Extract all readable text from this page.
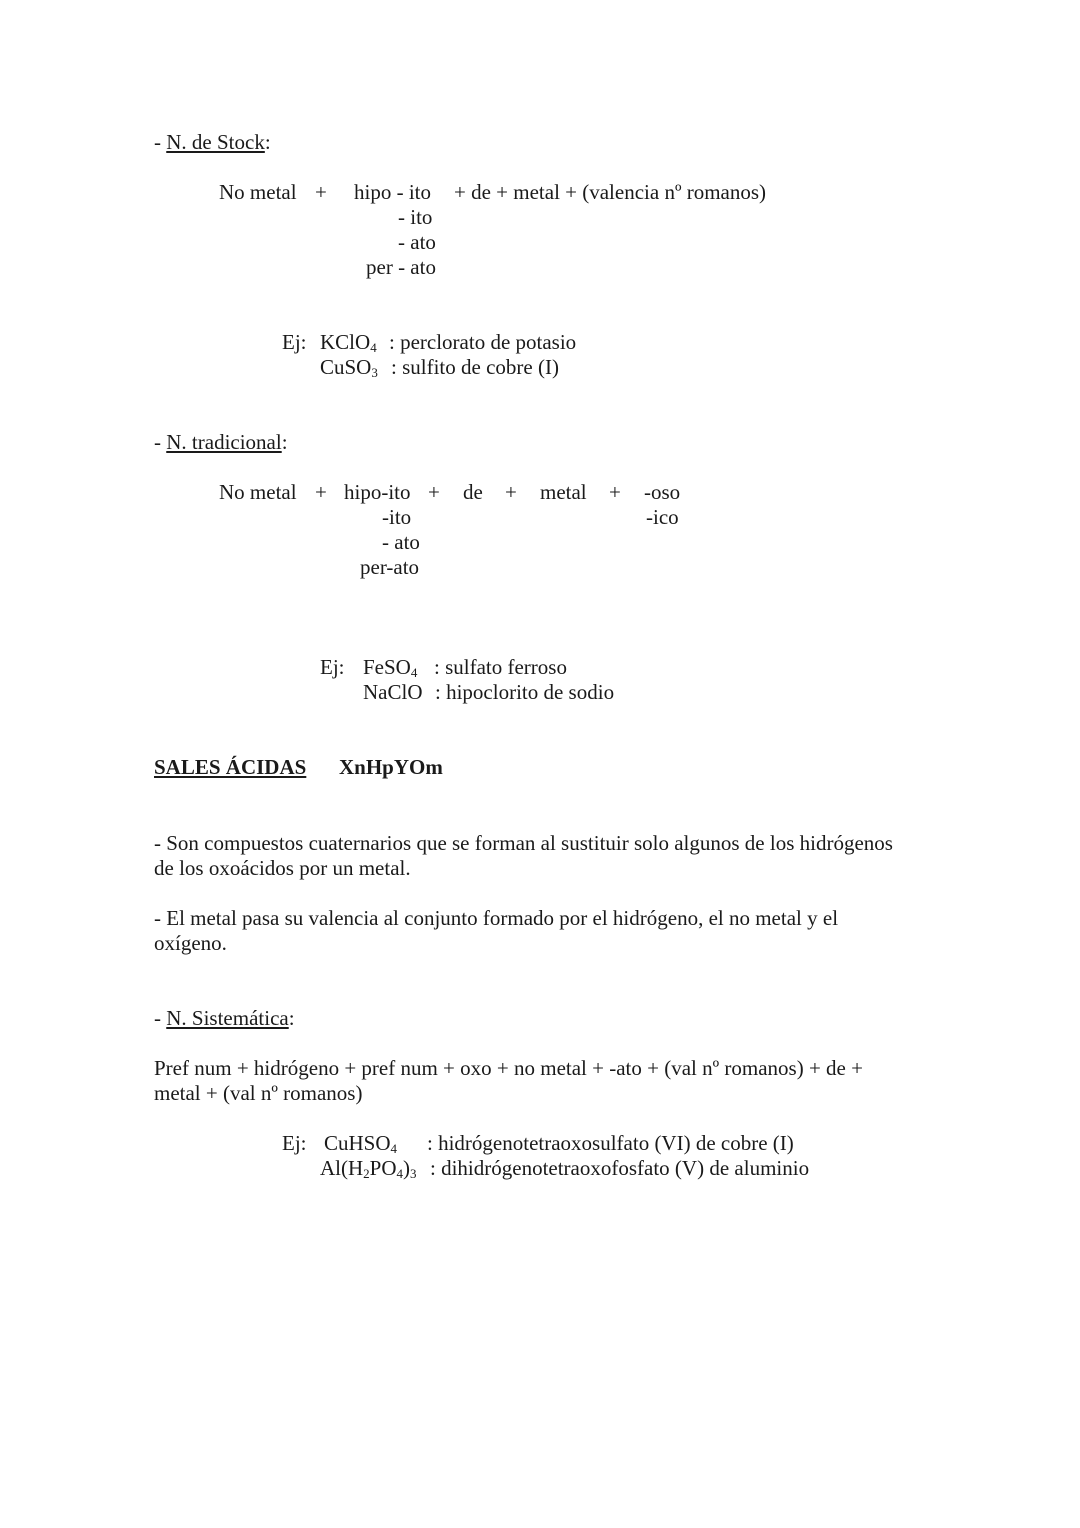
- N. de Stock:
No metal + hipo - ito + de + metal + (valencia nº romanos)
- ito
- ato
per - ato
Ej: KClO$_4$ : perclorato de potasio
CuSO$_3$ : sulfito de cobre (I)
- N. tradicional:
No metal + hipo-ito + de + metal + -oso
-ito	-ico
- ato
per-ato
Ej: FeSO$_4$ : sulfato ferroso
NaClO : hipoclorito de sodio
SALES ÁCIDAS XnHpYOm
- Son compuestos cuaternarios que se forman al sustituir solo algunos de los hidrógenos
de los oxoácidos por un metal.
- El metal pasa su valencia al conjunto formado por el hidrógeno, el no metal y el
oxígeno.
- N. Sistemática:
Pref num + hidrógeno + pref num + oxo + no metal + -ato + (val nº romanos) + de +
metal + (val nº romanos)
Ej: CuHSO$_4$ : hidrógenotetraoxosulfato (VI) de cobre (I)
$Al(H_2PO_4)_3$ : dihidrógenotetraoxofosfato (V) de aluminio
